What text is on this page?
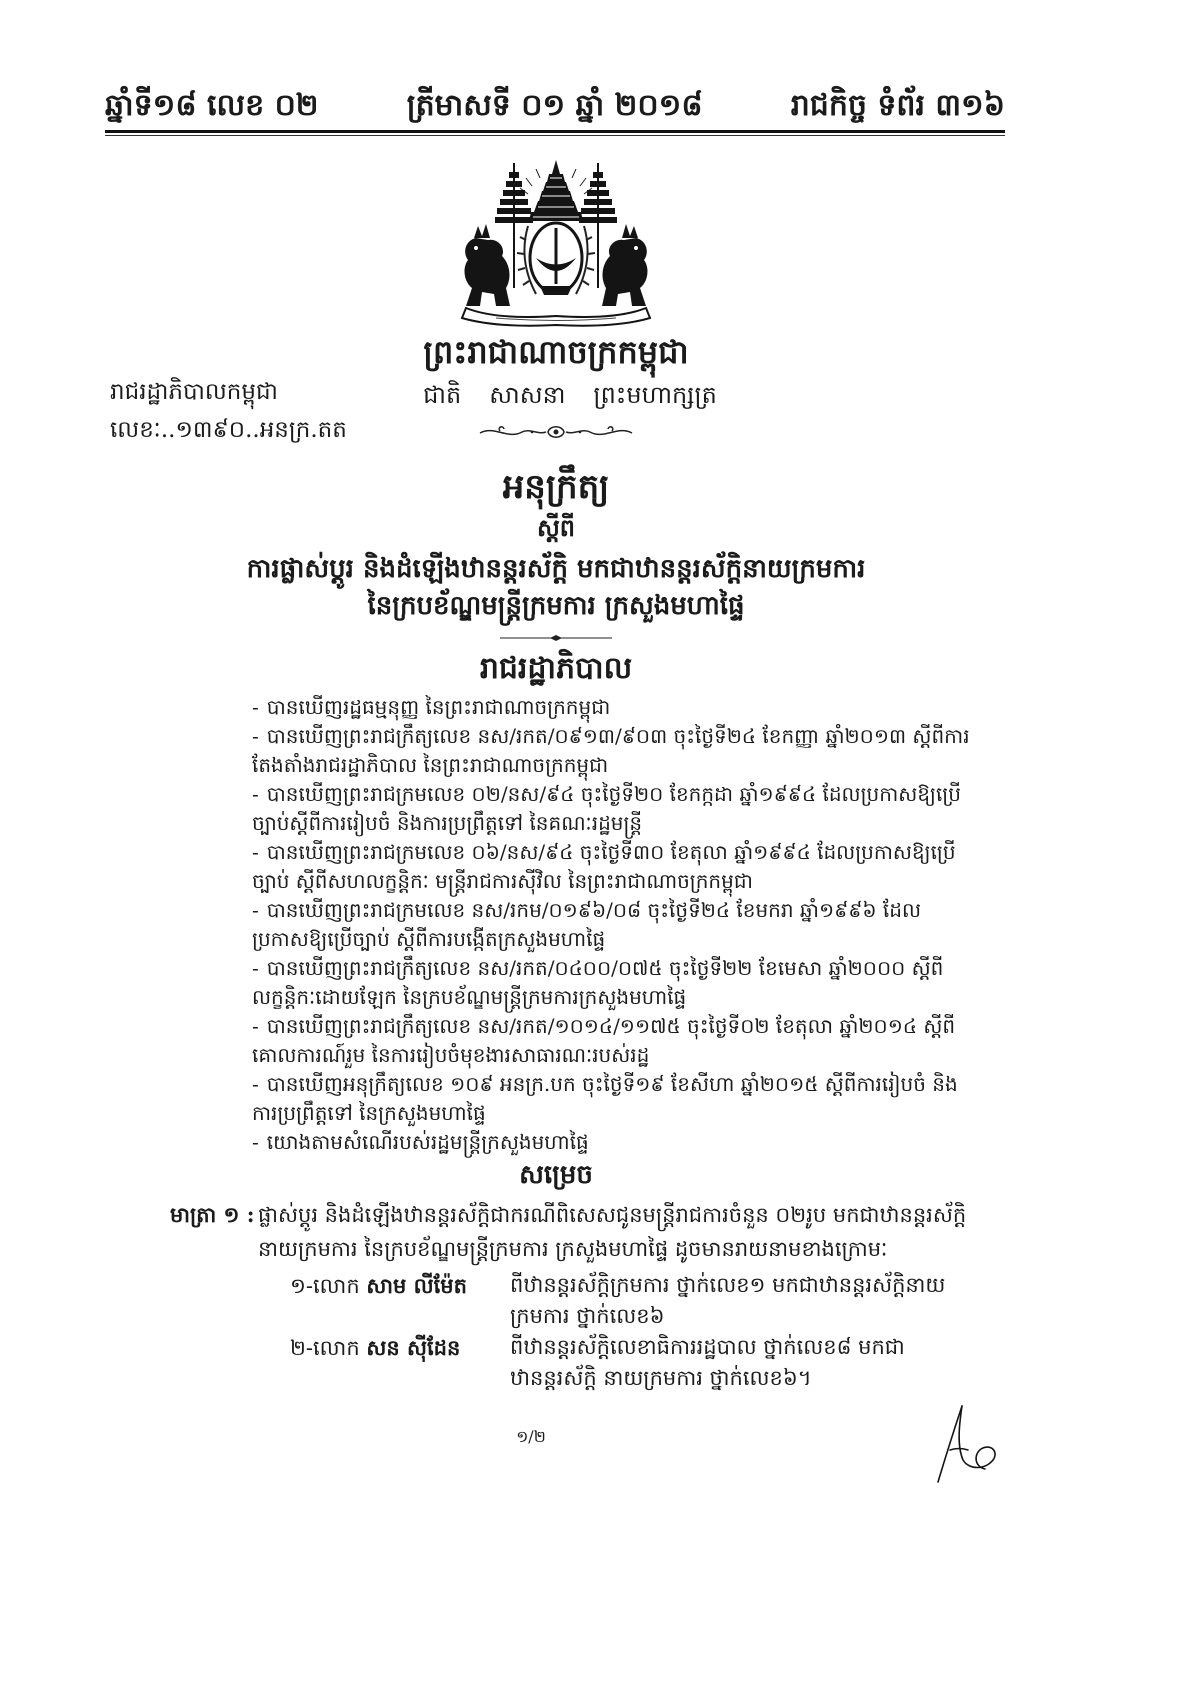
ឆ្នាំទី១៨ លេខ ០២	ត្រីមាសទី ០១ ឆ្នាំ ២០១៨	រាជកិច្ច ទំព័រ ៣១៦
ព្រះរាជាណាចក្រកម្ពុជា
រាជរដ្ឋាភិបាលកម្ពុជា	ជាតិ សាសនា ព្រះមហាក្សត្រ
លេខៈ..១៣៩០..អនក្រ.តត
អនុក្រឹត្យ
ស្តីពី
ការផ្លាស់ប្តូរ និងដំឡើងឋានន្តរស័ក្តិ មកជាឋានន្តរស័ក្តិនាយក្រមការ
នៃក្របខ័ណ្ឌមន្ត្រីក្រមការ ក្រសួងមហាផ្ទៃ
រាជរដ្ឋាភិបាល
- បានឃើញរដ្ឋធម្មនុញ្ញ នៃព្រះរាជាណាចក្រកម្ពុជា
- បានឃើញព្រះរាជក្រឹត្យលេខ នស/រកត/០៩១៣/៩០៣ ចុះថ្ងៃទី២៤ ខែកញ្ញា ឆ្នាំ២០១៣ ស្តីពីការតែងតាំងរាជរដ្ឋាភិបាល នៃព្រះរាជាណាចក្រកម្ពុជា
- បានឃើញព្រះរាជក្រមលេខ ០២/នស/៩៤ ចុះថ្ងៃទី២០ ខែកក្កដា ឆ្នាំ១៩៩៤ ដែលប្រកាសឱ្យប្រើច្បាប់ស្តីពីការរៀបចំ និងការប្រព្រឹត្តទៅ នៃគណៈរដ្ឋមន្ត្រី
- បានឃើញព្រះរាជក្រមលេខ ០៦/នស/៩៤ ចុះថ្ងៃទី៣០ ខែតុលា ឆ្នាំ១៩៩៤ ដែលប្រកាសឱ្យប្រើច្បាប់ ស្តីពីសហលក្ខន្តិកៈ មន្ត្រីរាជការស៊ីវិល នៃព្រះរាជាណាចក្រកម្ពុជា
- បានឃើញព្រះរាជក្រមលេខ នស/រកម/០១៩៦/០៨ ចុះថ្ងៃទី២៤ ខែមករា ឆ្នាំ១៩៩៦ ដែលប្រកាសឱ្យប្រើច្បាប់ ស្តីពីការបង្កើតក្រសួងមហាផ្ទៃ
- បានឃើញព្រះរាជក្រឹត្យលេខ នស/រកត/០៤០០/០៧៥ ចុះថ្ងៃទី២២ ខែមេសា ឆ្នាំ២០០០ ស្តីពីលក្ខន្តិកៈដោយឡែក នៃក្របខ័ណ្ឌមន្ត្រីក្រមការក្រសួងមហាផ្ទៃ
- បានឃើញព្រះរាជក្រឹត្យលេខ នស/រកត/១០១៤/១១៧៥ ចុះថ្ងៃទី០២ ខែតុលា ឆ្នាំ២០១៤ ស្តីពីគោលការណ៍រួម នៃការរៀបចំមុខងារសាធារណៈរបស់រដ្ឋ
- បានឃើញអនុក្រឹត្យលេខ ១០៩ អនក្រ.បក ចុះថ្ងៃទី១៩ ខែសីហា ឆ្នាំ២០១៥ ស្តីពីការរៀបចំ និងការប្រព្រឹត្តទៅ នៃក្រសួងមហាផ្ទៃ
- យោងតាមសំណើរបស់រដ្ឋមន្ត្រីក្រសួងមហាផ្ទៃ
សម្រេច
មាត្រា ១ : ផ្លាស់ប្តូរ និងដំឡើងឋានន្តរស័ក្តិជាករណីពិសេសជូនមន្ត្រីរាជការចំនួន ០២រូប មកជាឋានន្តរស័ក្តិនាយក្រមការ នៃក្របខ័ណ្ឌមន្ត្រីក្រមការ ក្រសួងមហាផ្ទៃ ដូចមានរាយនាមខាងក្រោមៈ
១-លោក សាម លីម៉ែត	ពីឋានន្តរស័ក្តិក្រមការ ថ្នាក់លេខ១ មកជាឋានន្តរស័ក្តិនាយក្រមការ ថ្នាក់លេខ៦
២-លោក សន ស៊ីដែន	ពីឋានន្តរស័ក្តិលេខាធិការរដ្ឋបាល ថ្នាក់លេខ៨ មកជាឋានន្តរស័ក្តិ នាយក្រមការ ថ្នាក់លេខ៦។
១/២
